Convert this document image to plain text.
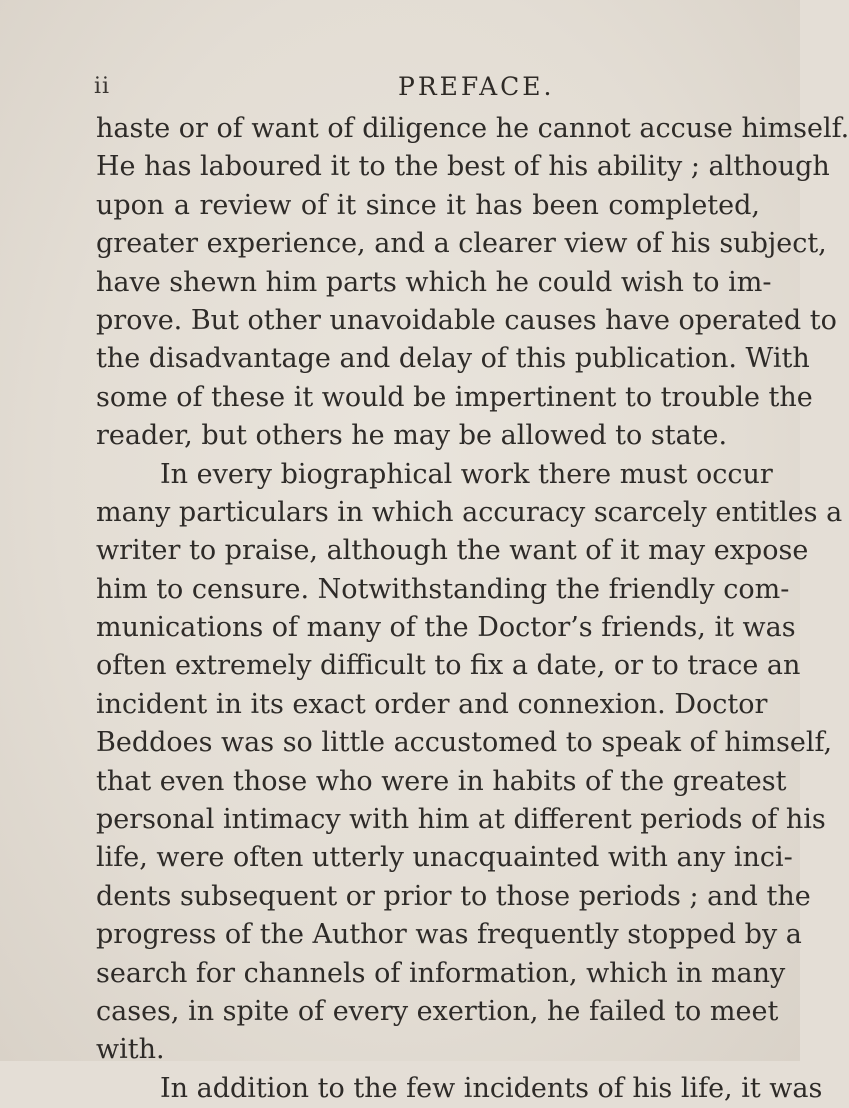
ii	PREFACE.
haste or of want of diligence he cannot accuse himself.
He has laboured it to the best of his ability ; although
upon a review of it since it has been completed,
greater experience, and a clearer view of his subject,
have shewn him parts which he could wish to im-
prove. But other unavoidable causes have operated to
the disadvantage and delay of this publication. With
some of these it would be impertinent to trouble the
reader, but others he may be allowed to state.
In every biographical work there must occur
many particulars in which accuracy scarcely entitles a
writer to praise, although the want of it may expose
him to censure. Notwithstanding the friendly com-
munications of many of the Doctor’s friends, it was
often extremely difficult to fix a date, or to trace an
incident in its exact order and connexion. Doctor
Beddoes was so little accustomed to speak of himself,
that even those who were in habits of the greatest
personal intimacy with him at different periods of his
life, were often utterly unacquainted with any inci-
dents subsequent or prior to those periods ; and the
progress of the Author was frequently stopped by a
search for channels of information, which in many
cases, in spite of every exertion, he failed to meet
with.
In addition to the few incidents of his life, it was
